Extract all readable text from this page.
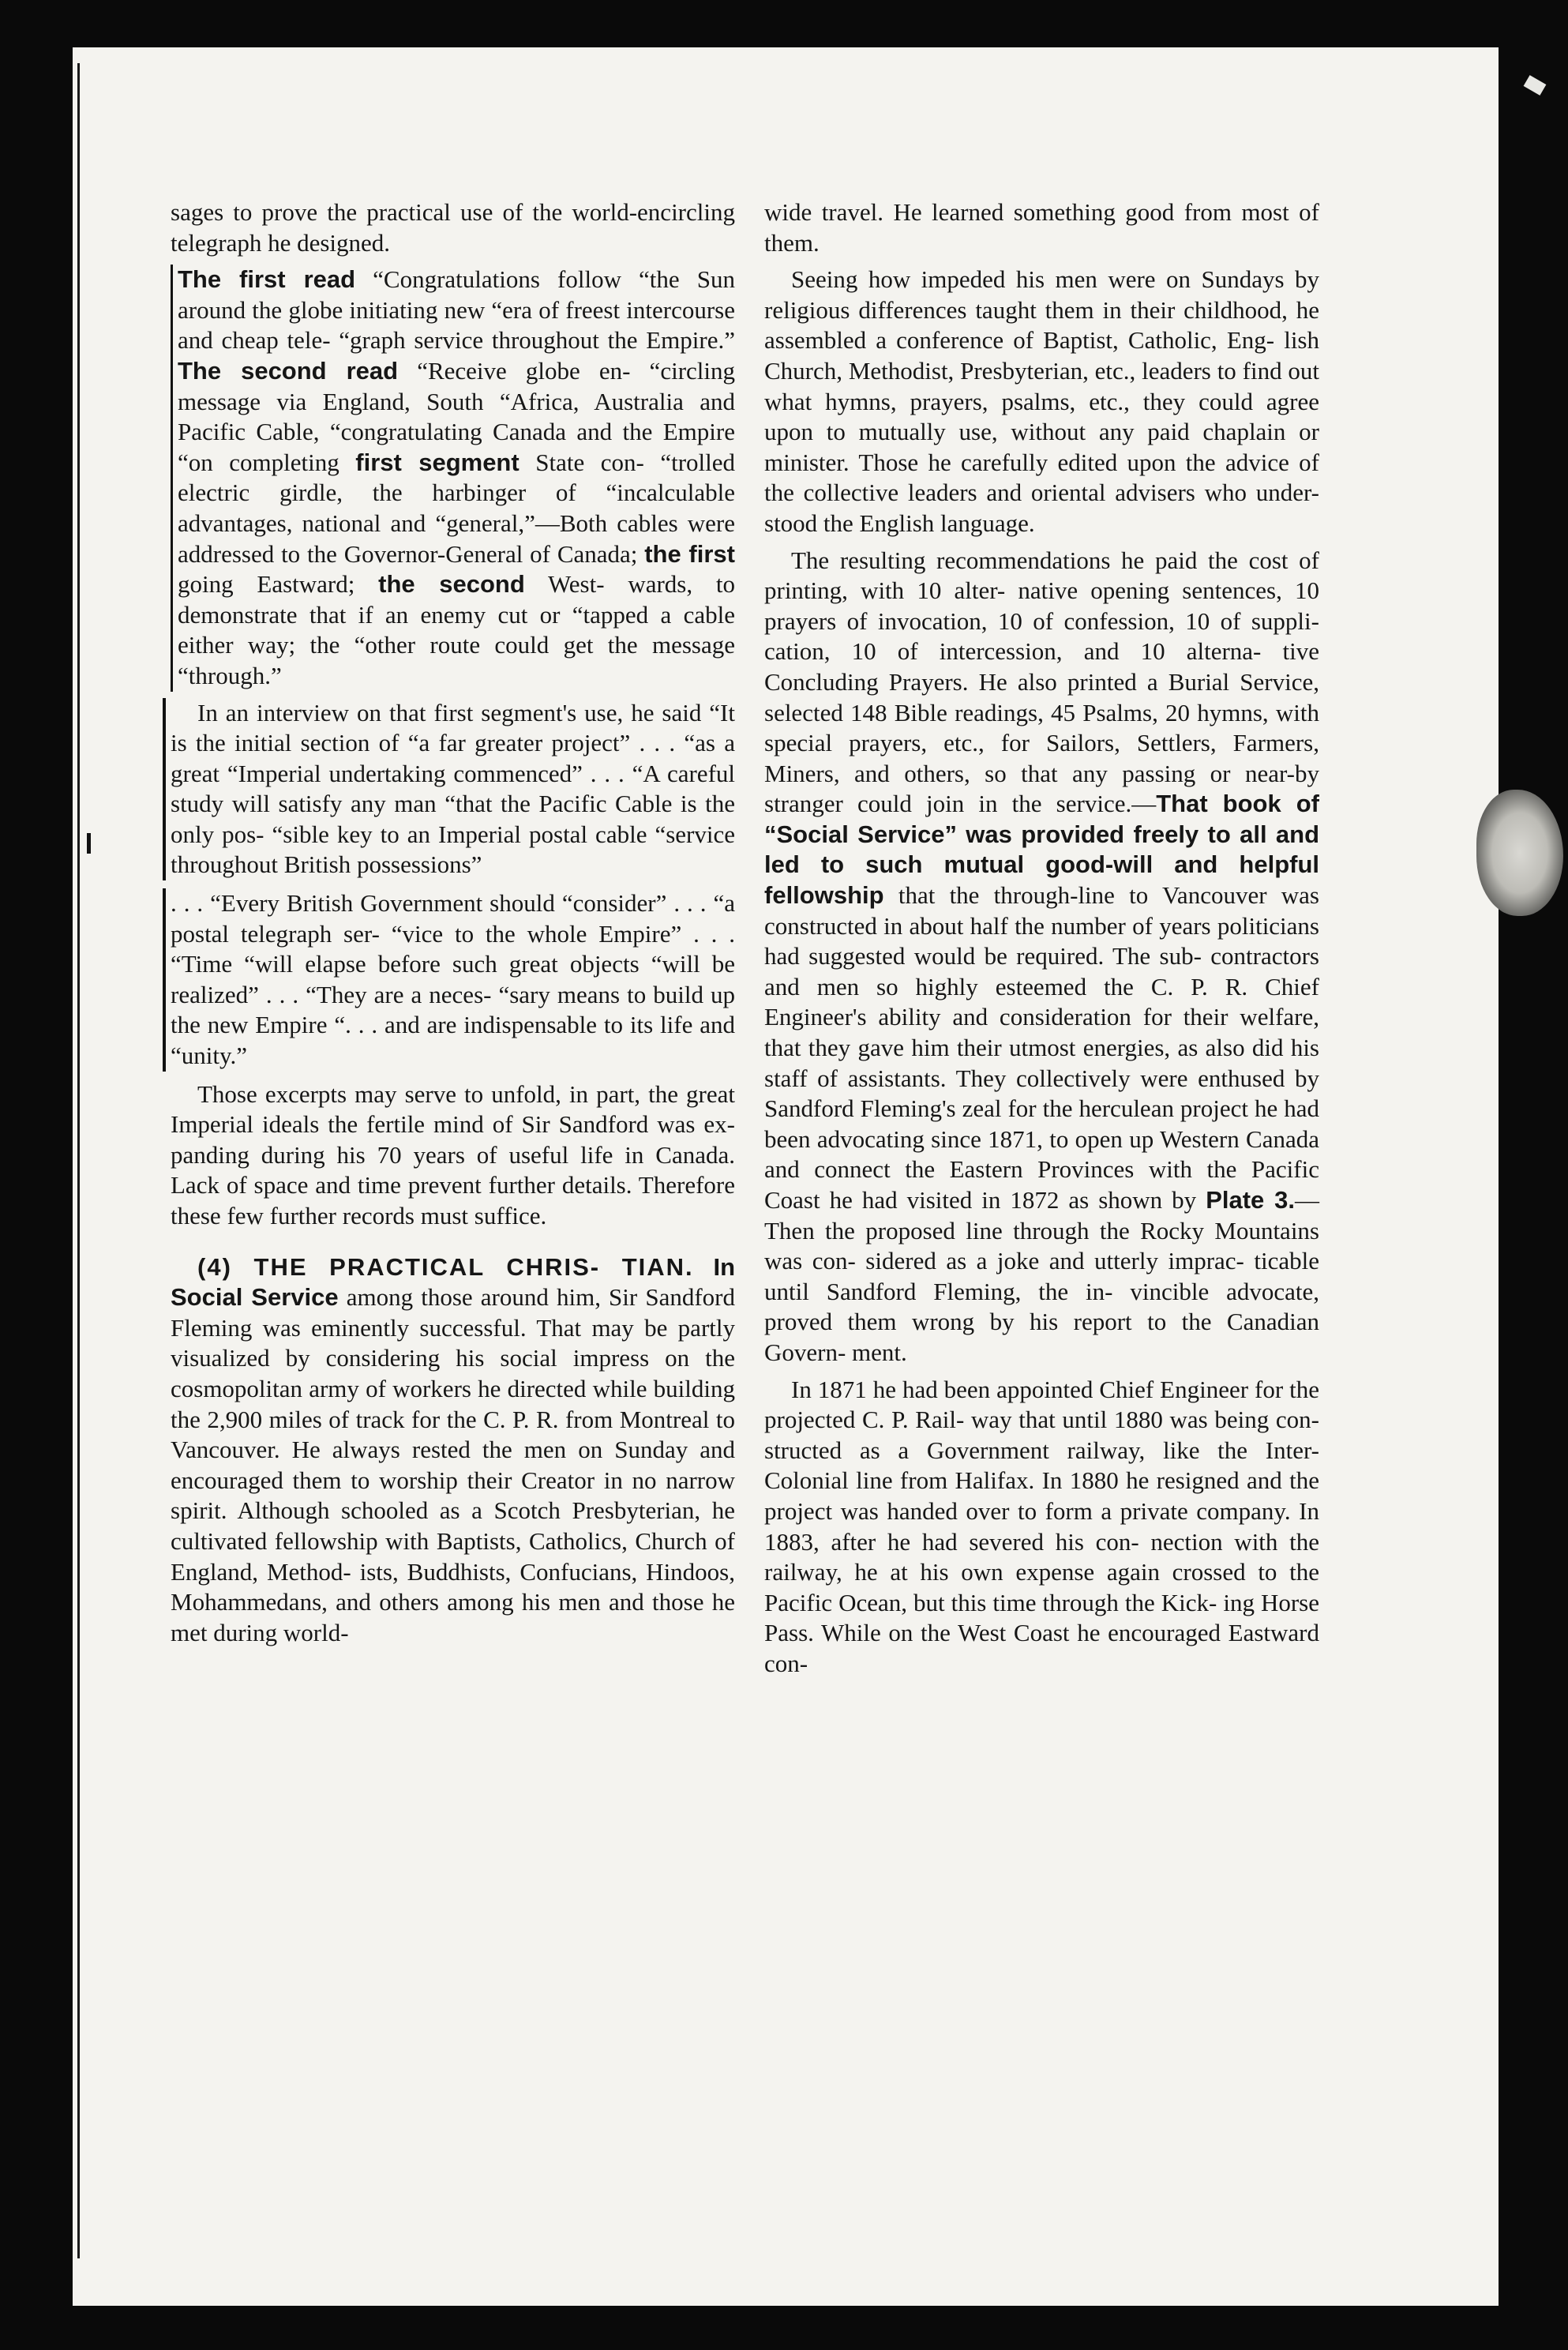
sages to prove the practical use of the world-encircling telegraph he designed.

The first read “Congratulations follow “the Sun around the globe initiating new “era of freest intercourse and cheap tele- “graph service throughout the Empire.” The second read “Receive globe en- “circling message via England, South “Africa, Australia and Pacific Cable, “congratulating Canada and the Empire “on completing first segment State con- “trolled electric girdle, the harbinger of “incalculable advantages, national and “general,”—Both cables were addressed to the Governor-General of Canada; the first going Eastward; the second West- wards, to demonstrate that if an enemy cut or “tapped a cable either way; the “other route could get the message “through.”

In an interview on that first segment's use, he said “It is the initial section of “a far greater project” . . . “as a great “Imperial undertaking commenced” . . . “A careful study will satisfy any man “that the Pacific Cable is the only pos- “sible key to an Imperial postal cable “service throughout British possessions”

. . . “Every British Government should “consider” . . . “a postal telegraph ser- “vice to the whole Empire” . . . “Time “will elapse before such great objects “will be realized” . . . “They are a neces- “sary means to build up the new Empire “. . . and are indispensable to its life and “unity.”

Those excerpts may serve to unfold, in part, the great Imperial ideals the fertile mind of Sir Sandford was ex- panding during his 70 years of useful life in Canada. Lack of space and time prevent further details. Therefore these few further records must suffice.

(4) THE PRACTICAL CHRIS- TIAN. In Social Service among those around him, Sir Sandford Fleming was eminently successful. That may be partly visualized by considering his social impress on the cosmopolitan army of workers he directed while building the 2,900 miles of track for the C. P. R. from Montreal to Vancouver. He always rested the men on Sunday and encouraged them to worship their Creator in no narrow spirit. Although schooled as a Scotch Presbyterian, he cultivated fellowship with Baptists, Catholics, Church of England, Method- ists, Buddhists, Confucians, Hindoos, Mohammedans, and others among his men and those he met during world-

wide travel. He learned something good from most of them.

Seeing how impeded his men were on Sundays by religious differences taught them in their childhood, he assembled a conference of Baptist, Catholic, Eng- lish Church, Methodist, Presbyterian, etc., leaders to find out what hymns, prayers, psalms, etc., they could agree upon to mutually use, without any paid chaplain or minister. Those he carefully edited upon the advice of the collective leaders and oriental advisers who under- stood the English language.

The resulting recommendations he paid the cost of printing, with 10 alter- native opening sentences, 10 prayers of invocation, 10 of confession, 10 of suppli- cation, 10 of intercession, and 10 alterna- tive Concluding Prayers. He also printed a Burial Service, selected 148 Bible readings, 45 Psalms, 20 hymns, with special prayers, etc., for Sailors, Settlers, Farmers, Miners, and others, so that any passing or near-by stranger could join in the service.—That book of “Social Service” was provided freely to all and led to such mutual good-will and helpful fellowship that the through-line to Vancouver was constructed in about half the number of years politicians had suggested would be required. The sub- contractors and men so highly esteemed the C. P. R. Chief Engineer's ability and consideration for their welfare, that they gave him their utmost energies, as also did his staff of assistants. They collectively were enthused by Sandford Fleming's zeal for the herculean project he had been advocating since 1871, to open up Western Canada and connect the Eastern Provinces with the Pacific Coast he had visited in 1872 as shown by Plate 3.—Then the proposed line through the Rocky Mountains was con- sidered as a joke and utterly imprac- ticable until Sandford Fleming, the in- vincible advocate, proved them wrong by his report to the Canadian Govern- ment.

In 1871 he had been appointed Chief Engineer for the projected C. P. Rail- way that until 1880 was being con- structed as a Government railway, like the Inter-Colonial line from Halifax. In 1880 he resigned and the project was handed over to form a private company. In 1883, after he had severed his con- nection with the railway, he at his own expense again crossed to the Pacific Ocean, but this time through the Kick- ing Horse Pass. While on the West Coast he encouraged Eastward con-
